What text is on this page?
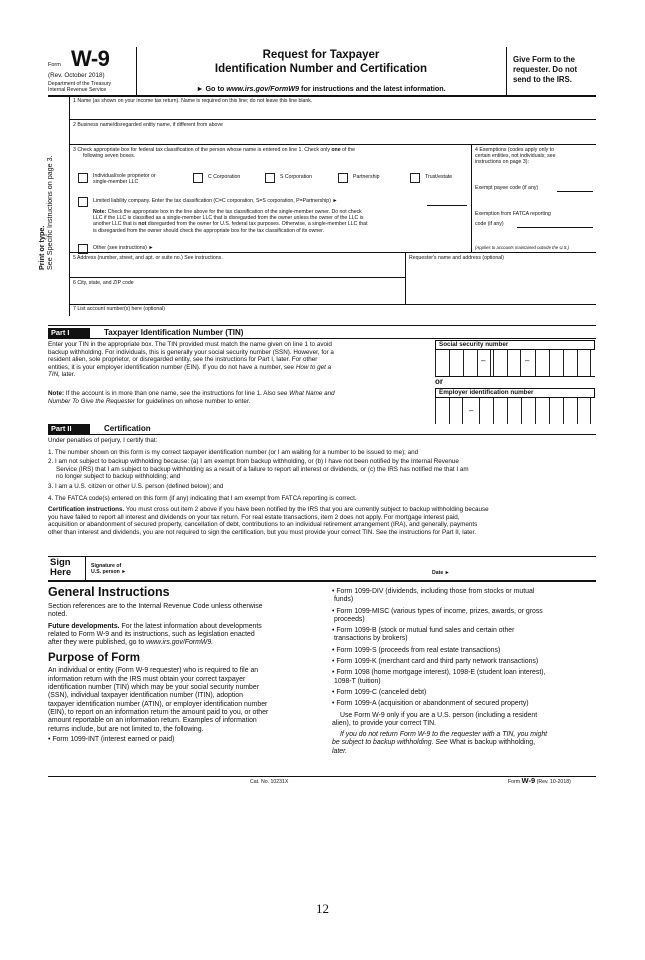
Form W-9
(Rev. October 2018)
Department of the Treasury
Internal Revenue Service
Request for Taxpayer
Identification Number and Certification
► Go to www.irs.gov/FormW9 for instructions and the latest information.
Give Form to the requester. Do not send to the IRS.
Print or type. See Specific Instructions on page 3.
1 Name (as shown on your income tax return). Name is required on this line; do not leave this line blank.
2 Business name/disregarded entity name, if different from above
3 Check appropriate box for federal tax classification of the person whose name is entered on line 1. Check only one of the
following seven boxes.
Individual/sole proprietor or
single-member LLC
C Corporation	S Corporation	Partnership	Trust/estate
Limited liability company. Enter the tax classification (C=C corporation, S=S corporation, P=Partnership) ►
Note: Check the appropriate box in the line above for the tax classification of the single-member owner. Do not check
LLC if the LLC is classified as a single-member LLC that is disregarded from the owner unless the owner of the LLC is
another LLC that is not disregarded from the owner for U.S. federal tax purposes. Otherwise, a single-member LLC that
is disregarded from the owner should check the appropriate box for the tax classification of its owner.
Other (see instructions) ►
4 Exemptions (codes apply only to
certain entities, not individuals; see
instructions on page 3):
Exempt payee code (if any)
Exemption from FATCA reporting
code (if any)
(Applies to accounts maintained outside the U.S.)
5 Address (number, street, and apt. or suite no.) See instructions.	Requester's name and address (optional)
6 City, state, and ZIP code
7 List account number(s) here (optional)
Part I	Taxpayer Identification Number (TIN)
Enter your TIN in the appropriate box. The TIN provided must match the name given on line 1 to avoid
backup withholding. For individuals, this is generally your social security number (SSN). However, for a
resident alien, sole proprietor, or disregarded entity, see the instructions for Part I, later. For other
entities, it is your employer identification number (EIN). If you do not have a number, see How to get a
TIN, later.
Note: If the account is in more than one name, see the instructions for line 1. Also see What Name and
Number To Give the Requester for guidelines on whose number to enter.
Social security number
–	–
or
Employer identification number
–
Part II	Certification
Under penalties of perjury, I certify that:
1. The number shown on this form is my correct taxpayer identification number (or I am waiting for a number to be issued to me); and
2. I am not subject to backup withholding because: (a) I am exempt from backup withholding, or (b) I have not been notified by the Internal Revenue
Service (IRS) that I am subject to backup withholding as a result of a failure to report all interest or dividends, or (c) the IRS has notified me that I am
no longer subject to backup withholding; and
3. I am a U.S. citizen or other U.S. person (defined below); and
4. The FATCA code(s) entered on this form (if any) indicating that I am exempt from FATCA reporting is correct.
Certification instructions. You must cross out item 2 above if you have been notified by the IRS that you are currently subject to backup withholding because
you have failed to report all interest and dividends on your tax return. For real estate transactions, item 2 does not apply. For mortgage interest paid,
acquisition or abandonment of secured property, cancellation of debt, contributions to an individual retirement arrangement (IRA), and generally, payments
other than interest and dividends, you are not required to sign the certification, but you must provide your correct TIN. See the instructions for Part II, later.
Sign
Here
Signature of
U.S. person ►	Date ►
General Instructions
Section references are to the Internal Revenue Code unless otherwise
noted.
Future developments. For the latest information about developments
related to Form W-9 and its instructions, such as legislation enacted
after they were published, go to www.irs.gov/FormW9.
Purpose of Form
An individual or entity (Form W-9 requester) who is required to file an
information return with the IRS must obtain your correct taxpayer
identification number (TIN) which may be your social security number
(SSN), individual taxpayer identification number (ITIN), adoption
taxpayer identification number (ATIN), or employer identification number
(EIN), to report on an information return the amount paid to you, or other
amount reportable on an information return. Examples of information
returns include, but are not limited to, the following.
• Form 1099-INT (interest earned or paid)
• Form 1099-DIV (dividends, including those from stocks or mutual
funds)
• Form 1099-MISC (various types of income, prizes, awards, or gross
proceeds)
• Form 1099-B (stock or mutual fund sales and certain other
transactions by brokers)
• Form 1099-S (proceeds from real estate transactions)
• Form 1099-K (merchant card and third party network transactions)
• Form 1098 (home mortgage interest), 1098-E (student loan interest),
1098-T (tuition)
• Form 1099-C (canceled debt)
• Form 1099-A (acquisition or abandonment of secured property)
Use Form W-9 only if you are a U.S. person (including a resident
alien), to provide your correct TIN.
If you do not return Form W-9 to the requester with a TIN, you might
be subject to backup withholding. See What is backup withholding,
later.
Cat. No. 10231X	Form W-9 (Rev. 10-2018)
12
